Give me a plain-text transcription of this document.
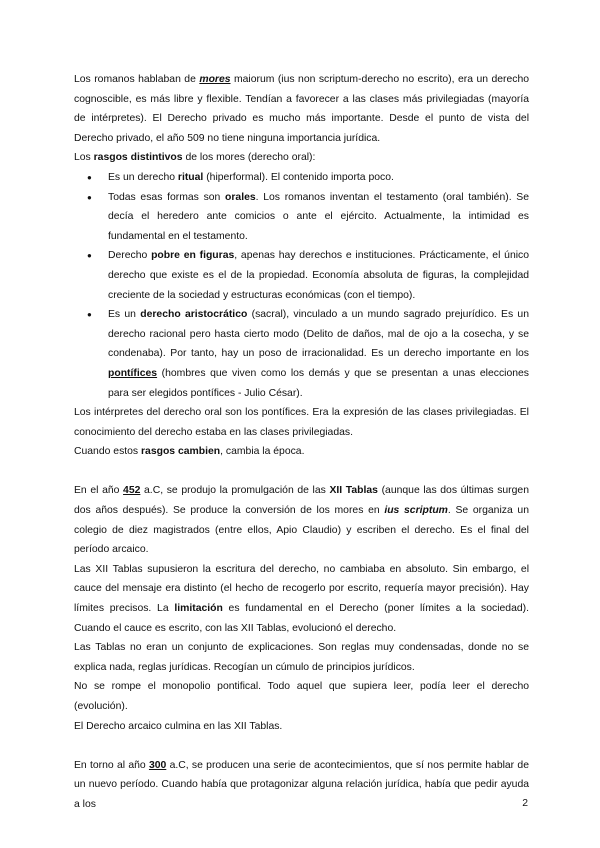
Los romanos hablaban de mores maiorum (ius non scriptum-derecho no escrito), era un derecho cognoscible, es más libre y flexible. Tendían a favorecer a las clases más privilegiadas (mayoría de intérpretes). El Derecho privado es mucho más importante. Desde el punto de vista del Derecho privado, el año 509 no tiene ninguna importancia jurídica.

Los rasgos distintivos de los mores (derecho oral):

● Es un derecho ritual (hiperformal). El contenido importa poco.
● Todas esas formas son orales. Los romanos inventan el testamento (oral también). Se decía el heredero ante comicios o ante el ejército. Actualmente, la intimidad es fundamental en el testamento.
● Derecho pobre en figuras, apenas hay derechos e instituciones. Prácticamente, el único derecho que existe es el de la propiedad. Economía absoluta de figuras, la complejidad creciente de la sociedad y estructuras económicas (con el tiempo).
● Es un derecho aristocrático (sacral), vinculado a un mundo sagrado prejurídico. Es un derecho racional pero hasta cierto modo (Delito de daños, mal de ojo a la cosecha, y se condenaba). Por tanto, hay un poso de irracionalidad. Es un derecho importante en los pontífices (hombres que viven como los demás y que se presentan a unas elecciones para ser elegidos pontífices - Julio César).

Los intérpretes del derecho oral son los pontífices. Era la expresión de las clases privilegiadas. El conocimiento del derecho estaba en las clases privilegiadas.

Cuando estos rasgos cambien, cambia la época.

En el año 452 a.C, se produjo la promulgación de las XII Tablas (aunque las dos últimas surgen dos años después). Se produce la conversión de los mores en ius scriptum. Se organiza un colegio de diez magistrados (entre ellos, Apio Claudio) y escriben el derecho. Es el final del período arcaico.

Las XII Tablas supusieron la escritura del derecho, no cambiaba en absoluto. Sin embargo, el cauce del mensaje era distinto (el hecho de recogerlo por escrito, requería mayor precisión). Hay límites precisos. La limitación es fundamental en el Derecho (poner límites a la sociedad). Cuando el cauce es escrito, con las XII Tablas, evolucionó el derecho.

Las Tablas no eran un conjunto de explicaciones. Son reglas muy condensadas, donde no se explica nada, reglas jurídicas. Recogían un cúmulo de principios jurídicos.

No se rompe el monopolio pontifical. Todo aquel que supiera leer, podía leer el derecho (evolución).

El Derecho arcaico culmina en las XII Tablas.

En torno al año 300 a.C, se producen una serie de acontecimientos, que sí nos permite hablar de un nuevo período. Cuando había que protagonizar alguna relación jurídica, había que pedir ayuda a los	2
